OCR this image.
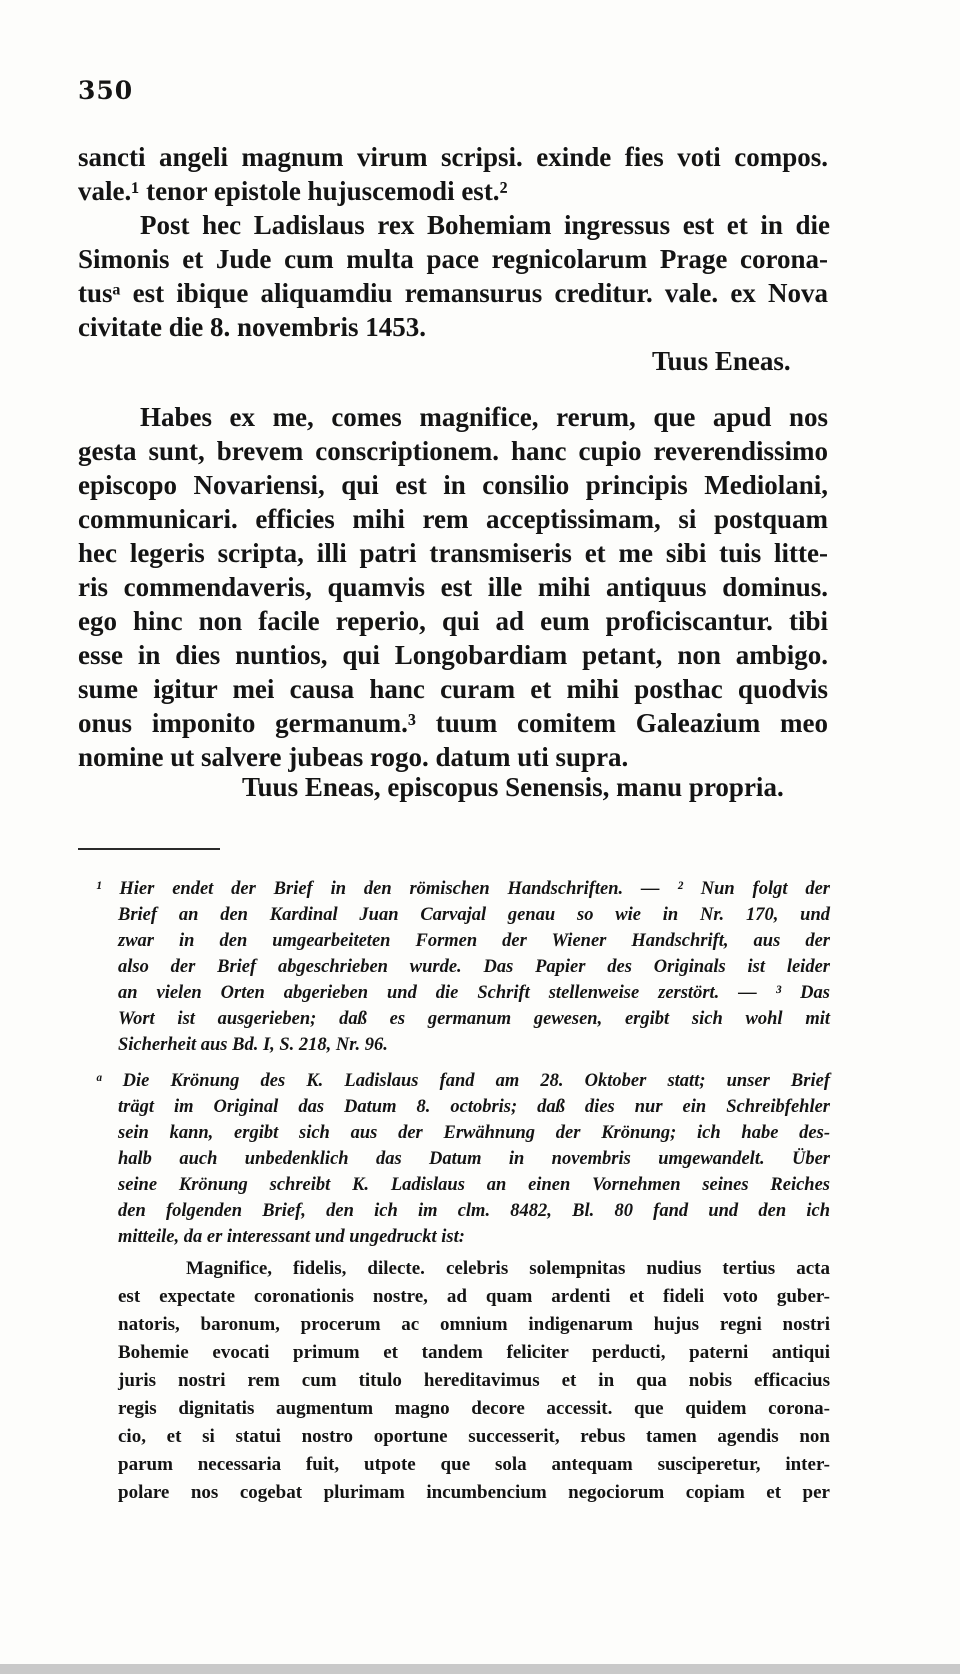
350
sancti angeli magnum virum scripsi. exinde fies voti compos.
vale.¹ tenor epistole hujuscemodi est.²
Post hec Ladislaus rex Bohemiam ingressus est et in die
Simonis et Jude cum multa pace regnicolarum Prage corona-
tusᵃ est ibique aliquamdiu remansurus creditur. vale. ex Nova
civitate die 8. novembris 1453.
Tuus Eneas.
Habes ex me, comes magnifice, rerum, que apud nos
gesta sunt, brevem conscriptionem. hanc cupio reverendissimo
episcopo Novariensi, qui est in consilio principis Mediolani,
communicari. efficies mihi rem acceptissimam, si postquam
hec legeris scripta, illi patri transmiseris et me sibi tuis litte-
ris commendaveris, quamvis est ille mihi antiquus dominus.
ego hinc non facile reperio, qui ad eum proficiscantur. tibi
esse in dies nuntios, qui Longobardiam petant, non ambigo.
sume igitur mei causa hanc curam et mihi posthac quodvis
onus imponito germanum.³ tuum comitem Galeazium meo
nomine ut salvere jubeas rogo. datum uti supra.
Tuus Eneas, episcopus Senensis, manu propria.
¹ Hier endet der Brief in den römischen Handschriften. — ² Nun folgt der
Brief an den Kardinal Juan Carvajal genau so wie in Nr. 170, und
zwar in den umgearbeiteten Formen der Wiener Handschrift, aus der
also der Brief abgeschrieben wurde. Das Papier des Originals ist leider
an vielen Orten abgerieben und die Schrift stellenweise zerstört. — ³ Das
Wort ist ausgerieben; daß es germanum gewesen, ergibt sich wohl mit
Sicherheit aus Bd. I, S. 218, Nr. 96.
ᵃ Die Krönung des K. Ladislaus fand am 28. Oktober statt; unser Brief
trägt im Original das Datum 8. octobris; daß dies nur ein Schreibfehler
sein kann, ergibt sich aus der Erwähnung der Krönung; ich habe des-
halb auch unbedenklich das Datum in novembris umgewandelt. Über
seine Krönung schreibt K. Ladislaus an einen Vornehmen seines Reiches
den folgenden Brief, den ich im clm. 8482, Bl. 80 fand und den ich
mitteile, da er interessant und ungedruckt ist:
Magnifice, fidelis, dilecte. celebris solempnitas nudius tertius acta
est expectate coronationis nostre, ad quam ardenti et fideli voto guber-
natoris, baronum, procerum ac omnium indigenarum hujus regni nostri
Bohemie evocati primum et tandem feliciter perducti, paterni antiqui
juris nostri rem cum titulo hereditavimus et in qua nobis efficacius
regis dignitatis augmentum magno decore accessit. que quidem corona-
cio, et si statui nostro oportune successerit, rebus tamen agendis non
parum necessaria fuit, utpote que sola antequam susciperetur, inter-
polare nos cogebat plurimam incumbencium negociorum copiam et per
